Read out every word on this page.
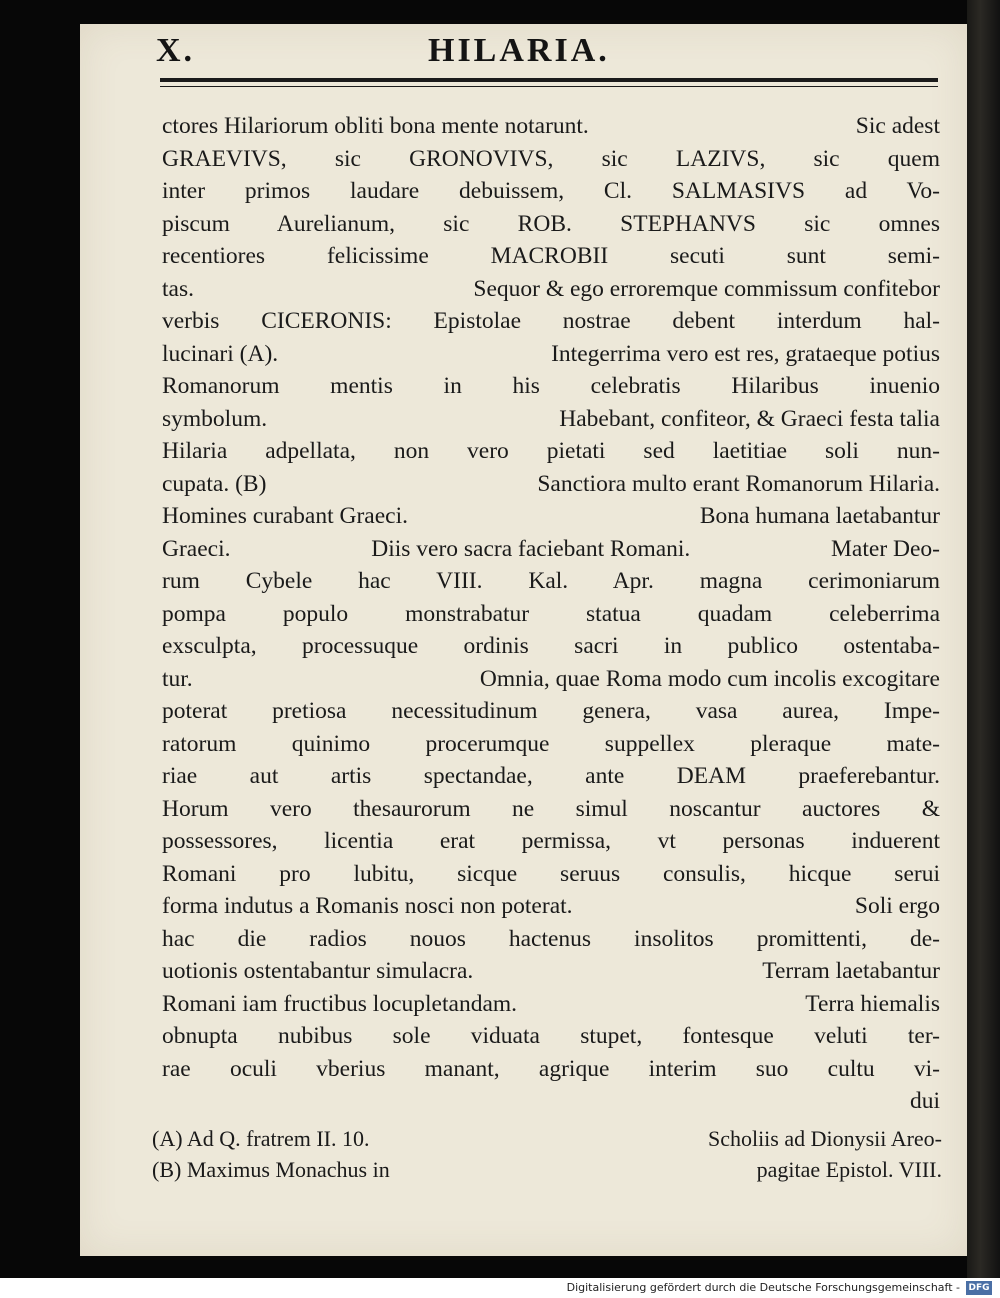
X.	HILARIA.
ctores Hilariorum obliti bona mente notarunt.	Sic adest
GRAEVIVS, sic GRONOVIVS, sic LAZIVS, sic quem
inter primos laudare debuissem, Cl. SALMASIVS ad Vo-
piscum Aurelianum, sic ROB. STEPHANVS sic omnes
recentiores felicissime MACROBII secuti sunt semi-
tas.	Sequor & ego erroremque commissum confitebor
verbis CICERONIS: Epistolae nostrae debent interdum hal-
lucinari (A).	Integerrima vero est res, grataeque potius
Romanorum mentis in his celebratis Hilaribus inuenio
symbolum.	Habebant, confiteor, & Graeci festa talia
Hilaria adpellata, non vero pietati sed laetitiae soli nun-
cupata. (B)	Sanctiora multo erant Romanorum Hilaria.
Homines curabant Graeci.	Bona humana laetabantur
Graeci.	Diis vero sacra faciebant Romani.	Mater Deo-
rum Cybele hac VIII. Kal. Apr. magna cerimoniarum
pompa populo monstrabatur statua quadam celeberrima
exsculpta, processuque ordinis sacri in publico ostentaba-
tur.	Omnia, quae Roma modo cum incolis excogitare
poterat pretiosa necessitudinum genera, vasa aurea, Impe-
ratorum quinimo procerumque suppellex pleraque mate-
riae aut artis spectandae, ante DEAM praeferebantur.
Horum vero thesaurorum ne simul noscantur auctores &
possessores, licentia erat permissa, vt personas induerent
Romani pro lubitu, sicque seruus consulis, hicque serui
forma indutus a Romanis nosci non poterat.	Soli ergo
hac die radios nouos hactenus insolitos promittenti, de-
uotionis ostentabantur simulacra.	Terram laetabantur
Romani iam fructibus locupletandam.	Terra hiemalis
obnupta nubibus sole viduata stupet, fontesque veluti ter-
rae oculi vberius manant, agrique interim suo cultu vi-
dui
(A) Ad Q. fratrem II. 10.	Scholiis ad Dionysii Areo-
(B) Maximus Monachus in	pagitae Epistol. VIII.
Digitalisierung gefördert durch die Deutsche Forschungsgemeinschaft - DFG
